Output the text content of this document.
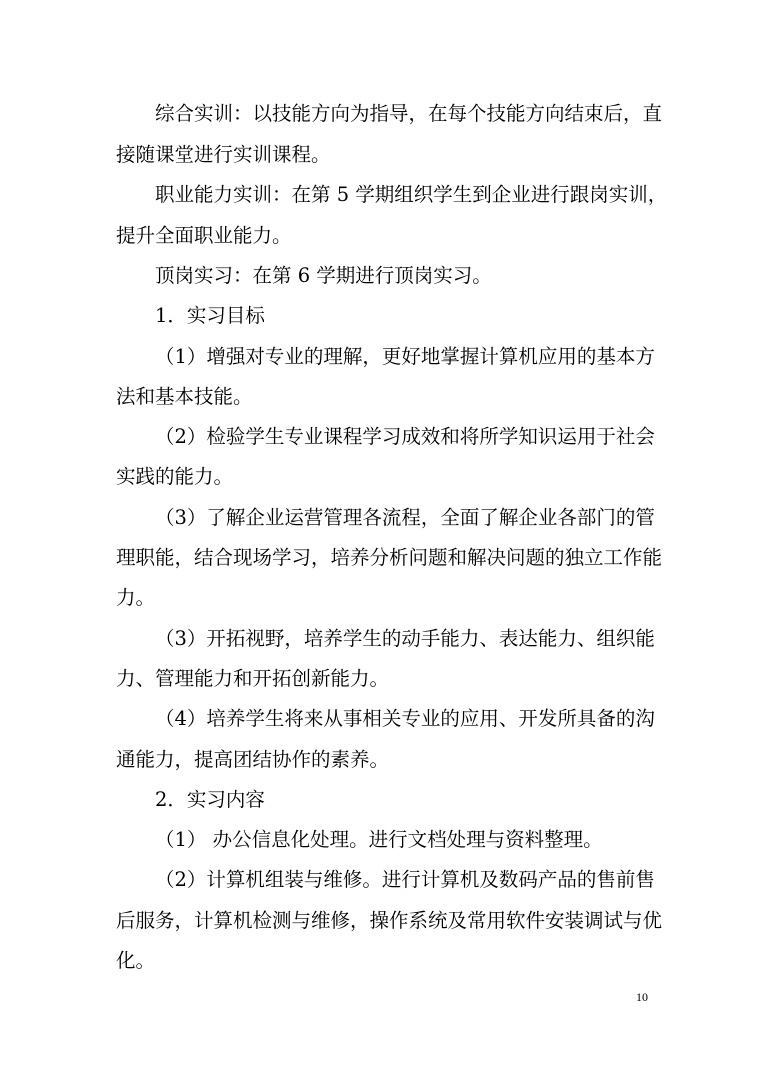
综合实训：以技能方向为指导，在每个技能方向结束后，直
接随课堂进行实训课程。
职业能力实训：在第 5 学期组织学生到企业进行跟岗实训，
提升全面职业能力。
顶岗实习：在第 6 学期进行顶岗实习。
1．实习目标
（1）增强对专业的理解，更好地掌握计算机应用的基本方
法和基本技能。
（2）检验学生专业课程学习成效和将所学知识运用于社会
实践的能力。
（3）了解企业运营管理各流程，全面了解企业各部门的管
理职能，结合现场学习，培养分析问题和解决问题的独立工作能
力。
（3）开拓视野，培养学生的动手能力、表达能力、组织能
力、管理能力和开拓创新能力。
（4）培养学生将来从事相关专业的应用、开发所具备的沟
通能力，提高团结协作的素养。
2．实习内容
（1） 办公信息化处理。进行文档处理与资料整理。
（2）计算机组装与维修。进行计算机及数码产品的售前售
后服务，计算机检测与维修，操作系统及常用软件安装调试与优
化。
10
